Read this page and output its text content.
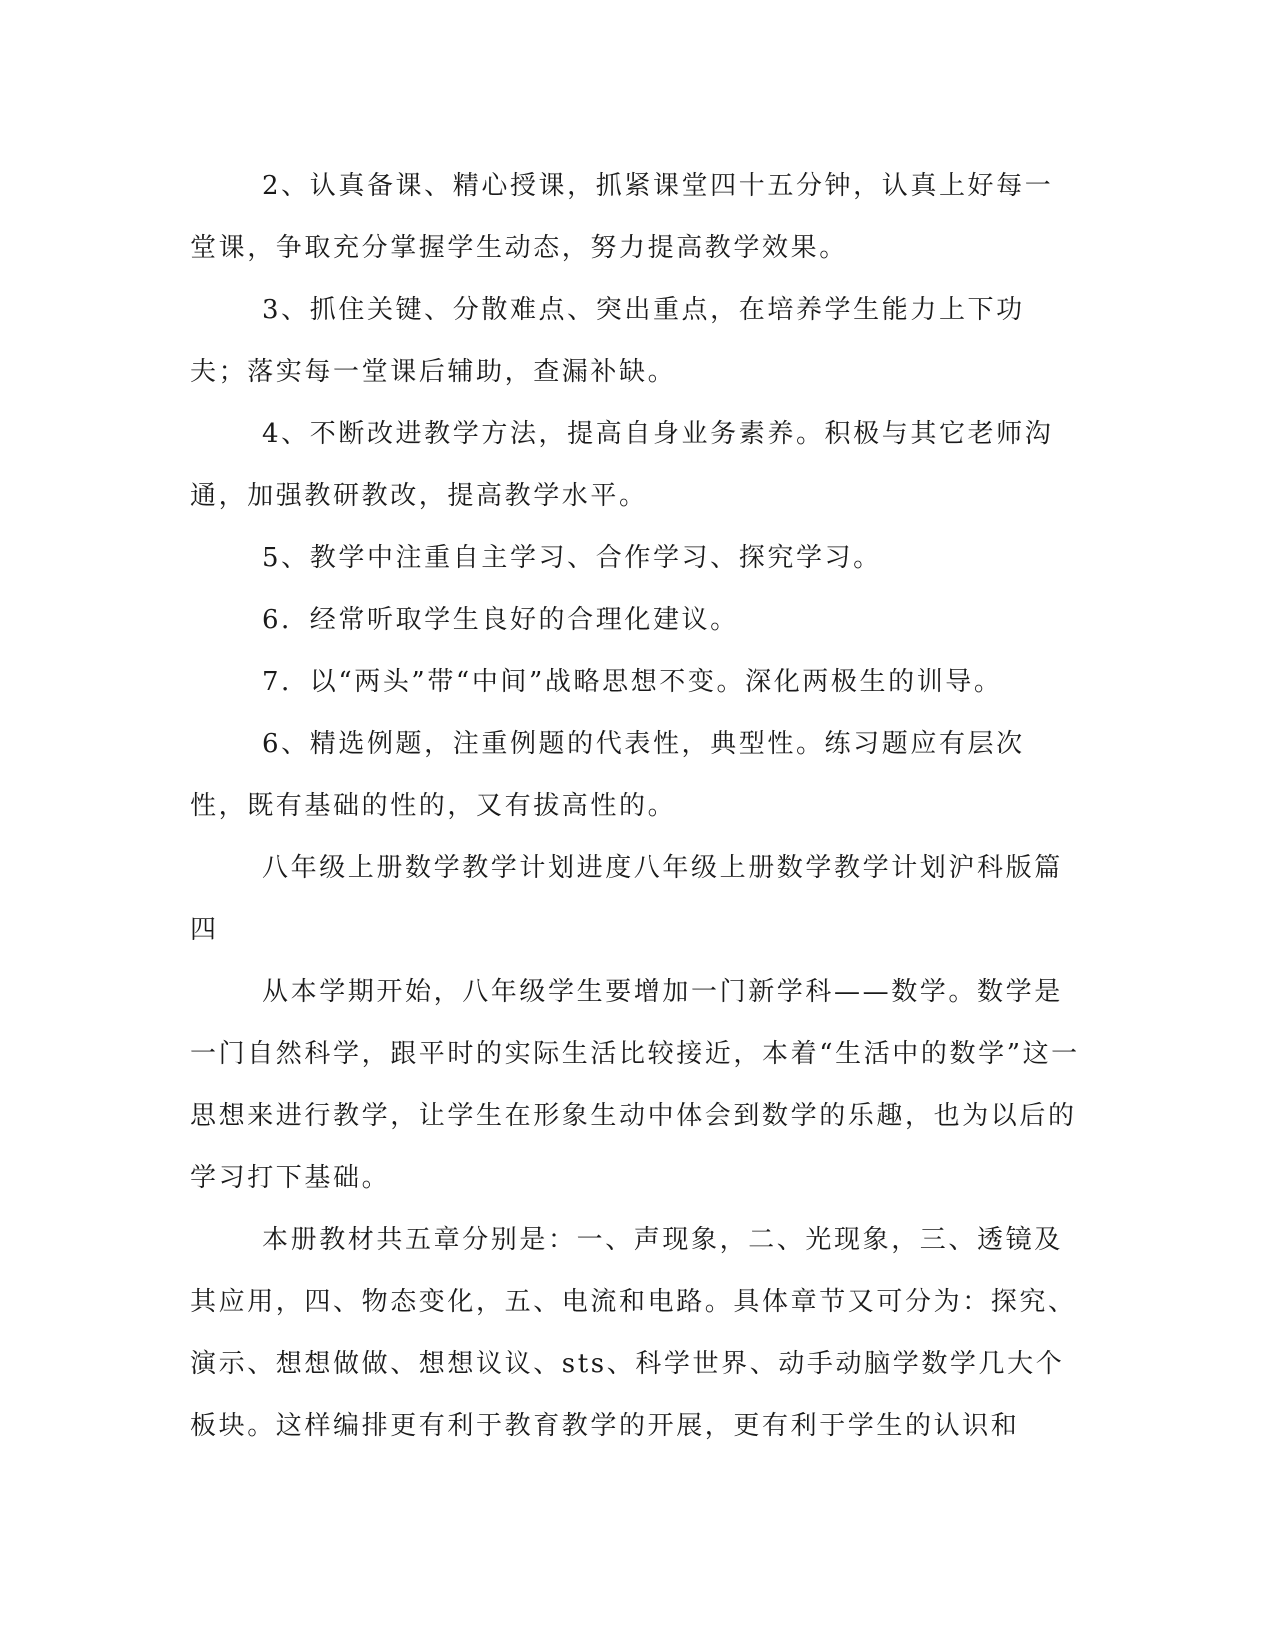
2、认真备课、精心授课，抓紧课堂四十五分钟，认真上好每一堂课，争取充分掌握学生动态，努力提高教学效果。

3、抓住关键、分散难点、突出重点，在培养学生能力上下功夫；落实每一堂课后辅助，查漏补缺。

4、不断改进教学方法，提高自身业务素养。积极与其它老师沟通，加强教研教改，提高教学水平。

5、教学中注重自主学习、合作学习、探究学习。

6．经常听取学生良好的合理化建议。

7．以“两头”带“中间”战略思想不变。深化两极生的训导。

6、精选例题，注重例题的代表性，典型性。练习题应有层次性，既有基础的性的，又有拔高性的。

八年级上册数学教学计划进度八年级上册数学教学计划沪科版篇四

从本学期开始，八年级学生要增加一门新学科——数学。数学是一门自然科学，跟平时的实际生活比较接近，本着“生活中的数学”这一思想来进行教学，让学生在形象生动中体会到数学的乐趣，也为以后的学习打下基础。

本册教材共五章分别是：一、声现象，二、光现象，三、透镜及其应用，四、物态变化，五、电流和电路。具体章节又可分为：探究、演示、想想做做、想想议议、sts、科学世界、动手动脑学数学几大个板块。这样编排更有利于教育教学的开展，更有利于学生的认识和
